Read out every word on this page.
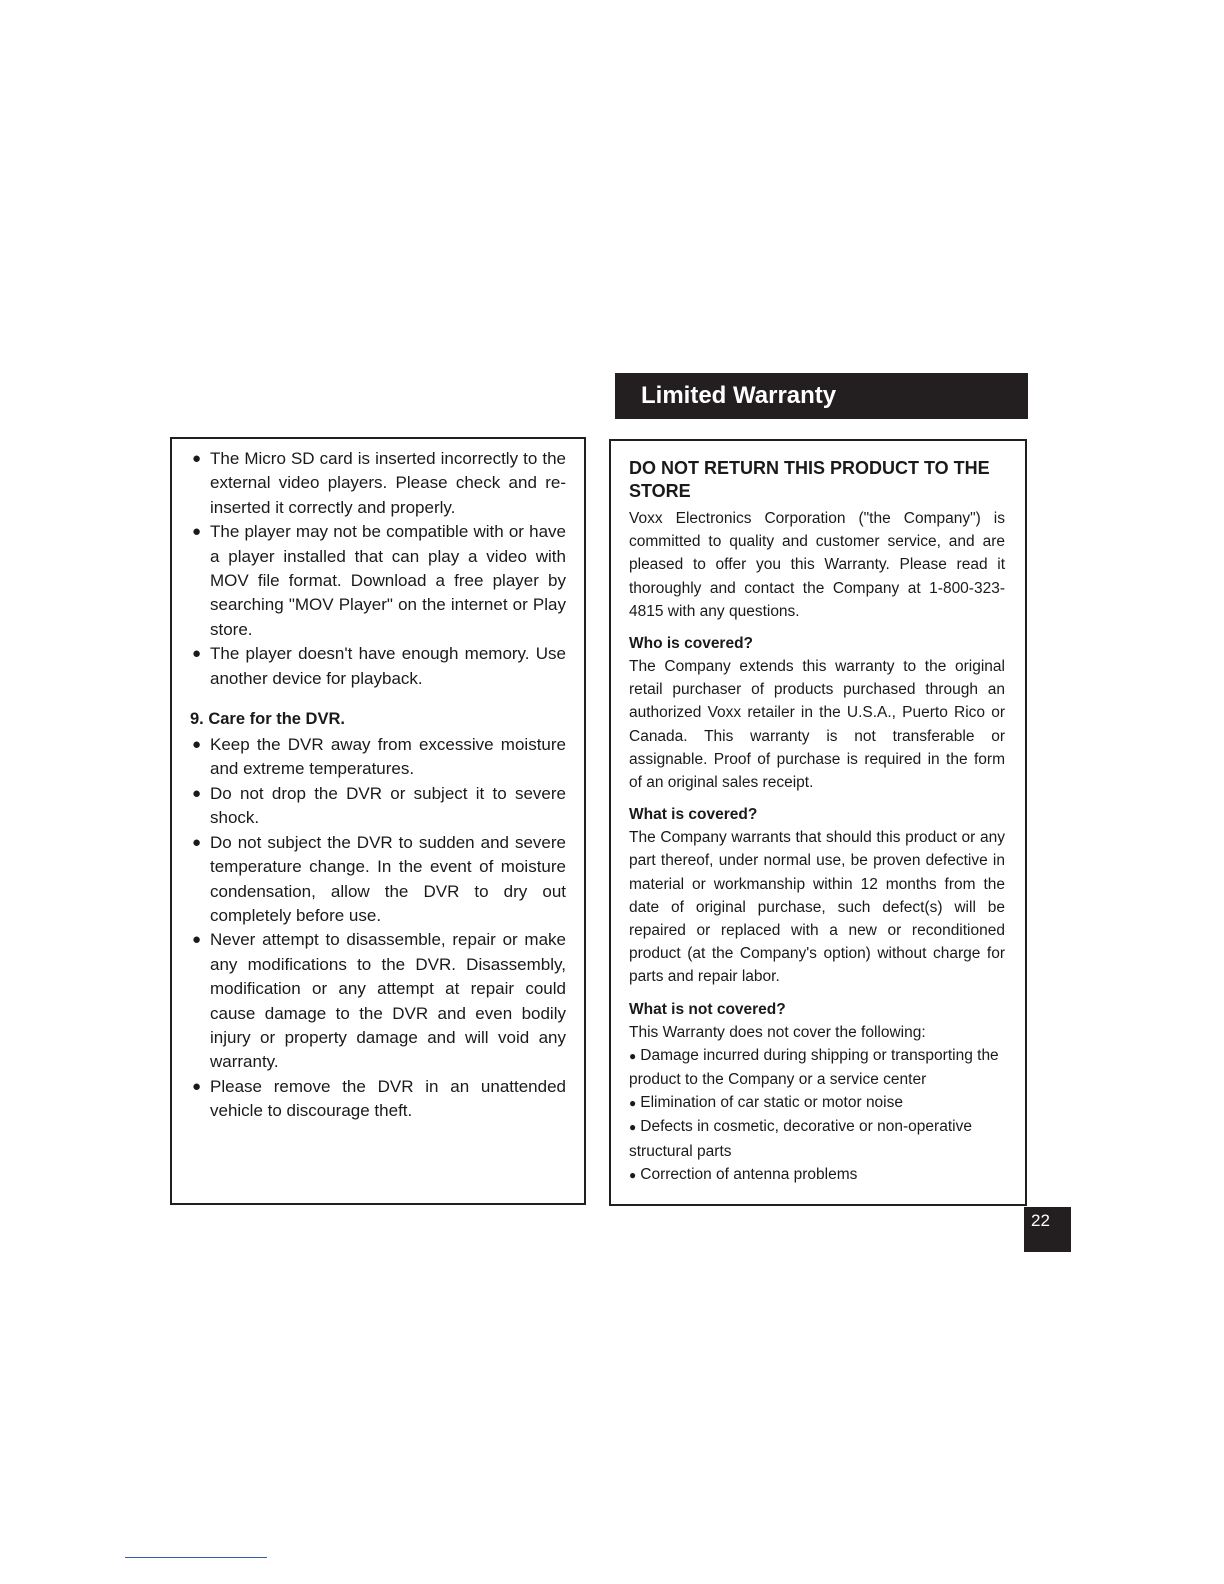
Limited Warranty
● The Micro SD card is inserted incorrectly to the external video players. Please check and re-inserted it correctly and properly.
● The player may not be compatible with or have a player installed that can play a video with MOV file format. Download a free player by searching "MOV Player" on the internet or Play store.
● The player doesn't have enough memory. Use another device for playback.
9. Care for the DVR.
● Keep the DVR away from excessive moisture and extreme temperatures.
● Do not drop the DVR or subject it to severe shock.
● Do not subject the DVR to sudden and severe temperature change. In the event of moisture condensation, allow the DVR to dry out completely before use.
● Never attempt to disassemble, repair or make any modifications to the DVR. Disassembly, modification or any attempt at repair could cause damage to the DVR and even bodily injury or property damage and will void any warranty.
● Please remove the DVR in an unattended vehicle to discourage theft.
DO NOT RETURN THIS PRODUCT TO THE STORE

Voxx Electronics Corporation ("the Company") is committed to quality and customer service, and are pleased to offer you this Warranty. Please read it thoroughly and contact the Company at 1-800-323-4815 with any questions.

Who is covered?

The Company extends this warranty to the original retail purchaser of products purchased through an authorized Voxx retailer in the U.S.A., Puerto Rico or Canada. This warranty is not transferable or assignable. Proof of purchase is required in the form of an original sales receipt.

What is covered?

The Company warrants that should this product or any part thereof, under normal use, be proven defective in material or workmanship within 12 months from the date of original purchase, such defect(s) will be repaired or replaced with a new or reconditioned product (at the Company's option) without charge for parts and repair labor.

What is not covered?

This Warranty does not cover the following:

● Damage incurred during shipping or transporting the product to the Company or a service center
● Elimination of car static or motor noise
● Defects in cosmetic, decorative or non-operative structural parts
● Correction of antenna problems
22
